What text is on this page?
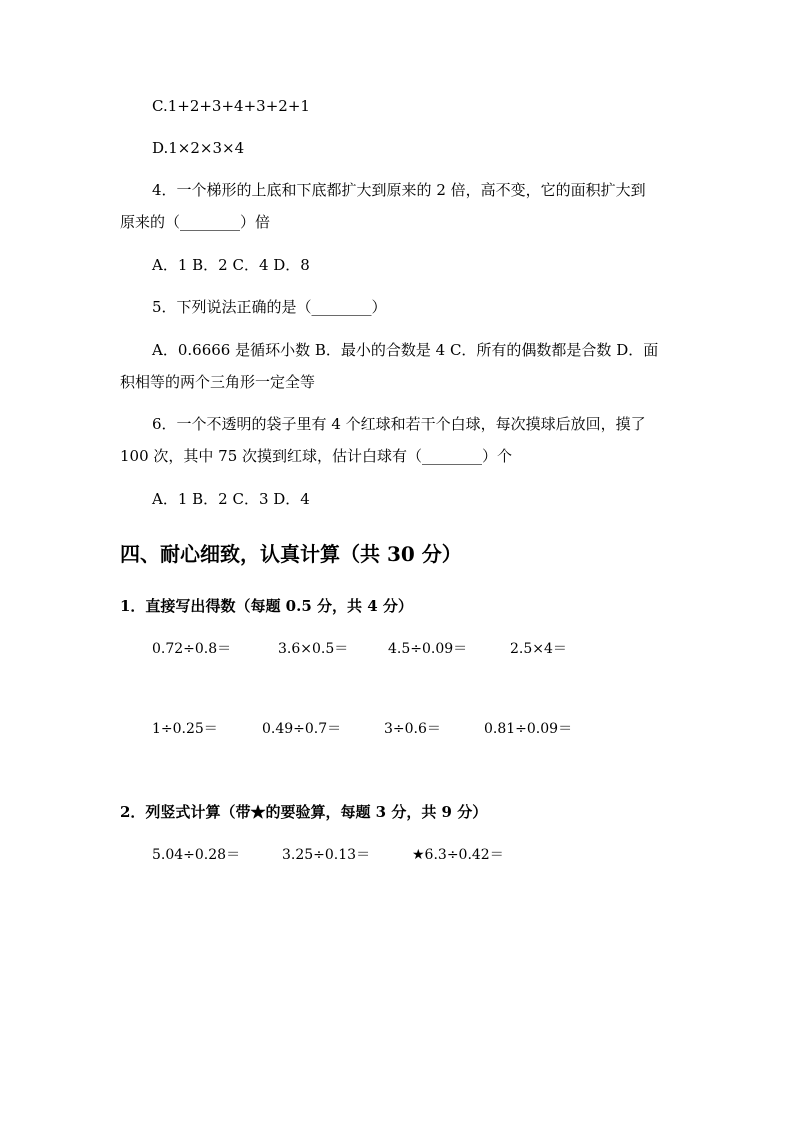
C.1+2+3+4+3+2+1
D.1×2×3×4
4．一个梯形的上底和下底都扩大到原来的 2 倍，高不变，它的面积扩大到
原来的（________）倍
A．1 B．2 C．4 D．8
5．下列说法正确的是（________）
A．0.6666 是循环小数 B．最小的合数是 4 C．所有的偶数都是合数 D．面
积相等的两个三角形一定全等
6．一个不透明的袋子里有 4 个红球和若干个白球，每次摸球后放回，摸了
100 次，其中 75 次摸到红球，估计白球有（________）个
A．1 B．2 C．3 D．4
四、耐心细致，认真计算（共 30 分）
1．直接写出得数（每题 0.5 分，共 4 分）
0.72÷0.8＝	3.6×0.5＝	4.5÷0.09＝	2.5×4＝
1÷0.25＝	0.49÷0.7＝	3÷0.6＝	0.81÷0.09＝
2．列竖式计算（带★的要验算，每题 3 分，共 9 分）
5.04÷0.28＝	3.25÷0.13＝	★6.3÷0.42＝
